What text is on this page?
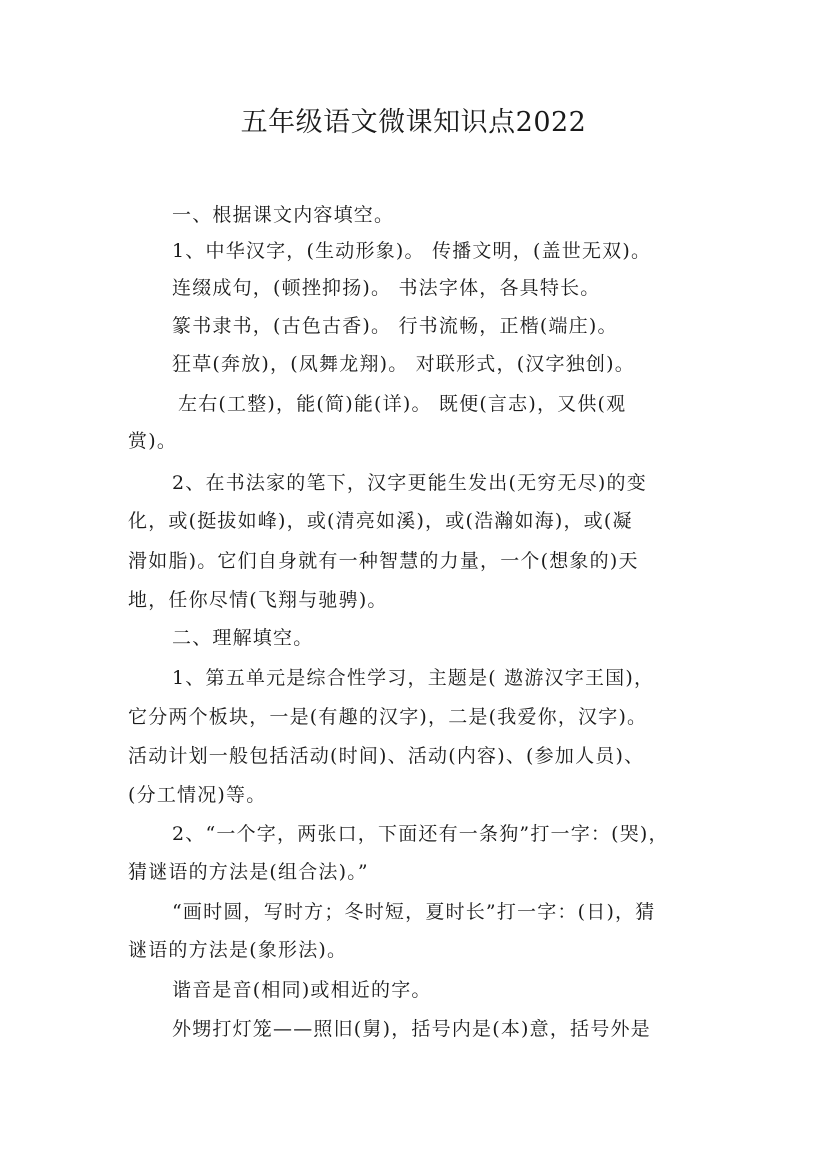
五年级语文微课知识点2022
一、根据课文内容填空。
1、中华汉字，(生动形象)。 传播文明，(盖世无双)。
连缀成句，(顿挫抑扬)。 书法字体，各具特长。
篆书隶书，(古色古香)。 行书流畅，正楷(端庄)。
狂草(奔放)，(凤舞龙翔)。 对联形式，(汉字独创)。
左右(工整)，能(简)能(详)。 既便(言志)，又供(观
赏)。
2、在书法家的笔下，汉字更能生发出(无穷无尽)的变
化，或(挺拔如峰)，或(清亮如溪)，或(浩瀚如海)，或(凝
滑如脂)。它们自身就有一种智慧的力量，一个(想象的)天
地，任你尽情(飞翔与驰骋)。
二、理解填空。
1、第五单元是综合性学习，主题是( 遨游汉字王国)，
它分两个板块，一是(有趣的汉字)，二是(我爱你，汉字)。
活动计划一般包括活动(时间)、活动(内容)、(参加人员)、
(分工情况)等。
2、“一个字，两张口，下面还有一条狗”打一字：(哭)，
猜谜语的方法是(组合法)。”
“画时圆，写时方；冬时短，夏时长”打一字：(日)，猜
谜语的方法是(象形法)。
谐音是音(相同)或相近的字。
外甥打灯笼——照旧(舅)，括号内是(本)意，括号外是
